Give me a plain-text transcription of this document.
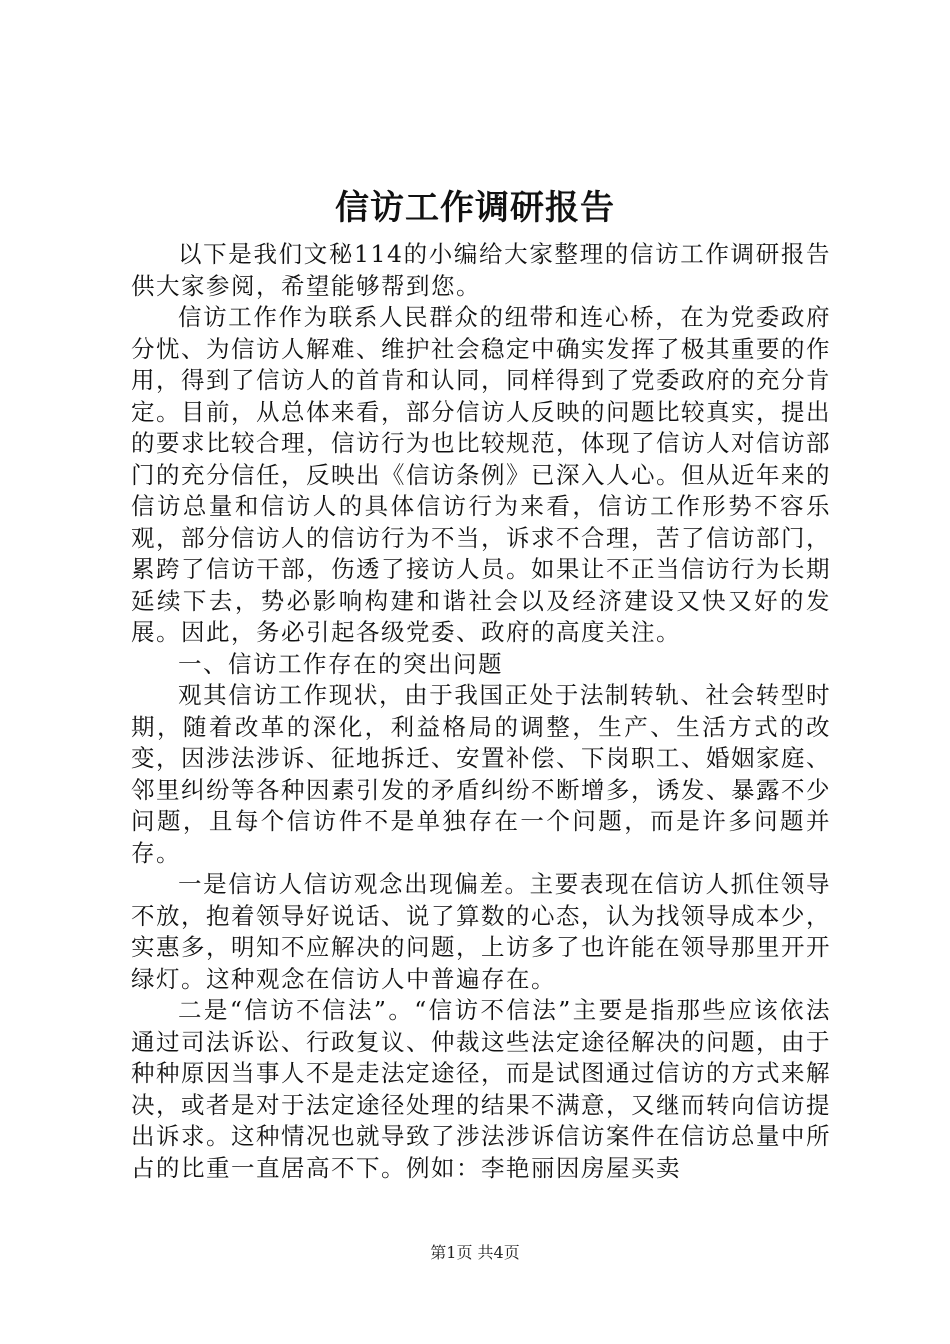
信访工作调研报告

以下是我们文秘114的小编给大家整理的信访工作调研报告供大家参阅，希望能够帮到您。

信访工作作为联系人民群众的纽带和连心桥，在为党委政府分忧、为信访人解难、维护社会稳定中确实发挥了极其重要的作用，得到了信访人的首肯和认同，同样得到了党委政府的充分肯定。目前，从总体来看，部分信访人反映的问题比较真实，提出的要求比较合理，信访行为也比较规范，体现了信访人对信访部门的充分信任，反映出《信访条例》已深入人心。但从近年来的信访总量和信访人的具体信访行为来看，信访工作形势不容乐观，部分信访人的信访行为不当，诉求不合理，苦了信访部门，累跨了信访干部，伤透了接访人员。如果让不正当信访行为长期延续下去，势必影响构建和谐社会以及经济建设又快又好的发展。因此，务必引起各级党委、政府的高度关注。

一、信访工作存在的突出问题

观其信访工作现状，由于我国正处于法制转轨、社会转型时期，随着改革的深化，利益格局的调整，生产、生活方式的改变，因涉法涉诉、征地拆迁、安置补偿、下岗职工、婚姻家庭、邻里纠纷等各种因素引发的矛盾纠纷不断增多，诱发、暴露不少问题，且每个信访件不是单独存在一个问题，而是许多问题并存。

一是信访人信访观念出现偏差。主要表现在信访人抓住领导不放，抱着领导好说话、说了算数的心态，认为找领导成本少，实惠多，明知不应解决的问题，上访多了也许能在领导那里开开绿灯。这种观念在信访人中普遍存在。

二是“信访不信法”。“信访不信法”主要是指那些应该依法通过司法诉讼、行政复议、仲裁这些法定途径解决的问题，由于种种原因当事人不是走法定途径，而是试图通过信访的方式来解决，或者是对于法定途径处理的结果不满意，又继而转向信访提出诉求。这种情况也就导致了涉法涉诉信访案件在信访总量中所占的比重一直居高不下。例如：李艳丽因房屋买卖

第1页 共4页
